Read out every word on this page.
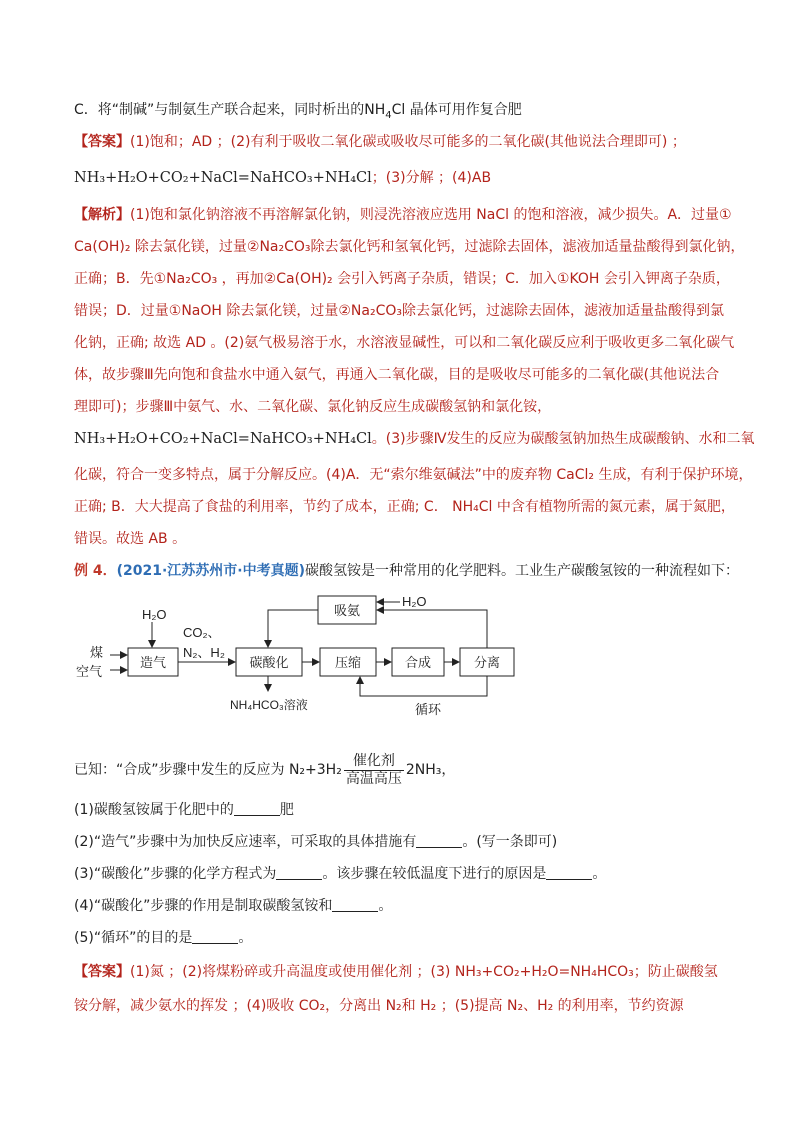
C．将“制碱”与制氨生产联合起来，同时析出的$NH_4Cl$ 晶体可用作复合肥
【答案】(1)饱和；AD ；(2)有利于吸收二氧化碳或吸收尽可能多的二氧化碳(其他说法合理即可) ；
NH₃+H₂O+CO₂+NaCl=NaHCO₃+NH₄Cl；(3)分解 ；(4)AB
【解析】(1)饱和氯化钠溶液不再溶解氯化钠，则浸洗溶液应选用 NaCl 的饱和溶液，减少损失。A．过量①
Ca(OH)₂ 除去氯化镁，过量②Na₂CO₃除去氯化钙和氢氧化钙，过滤除去固体，滤液加适量盐酸得到氯化钠，
正确；B．先①Na₂CO₃ ，再加②Ca(OH)₂ 会引入钙离子杂质，错误；C．加入①KOH 会引入钾离子杂质，
错误；D．过量①NaOH 除去氯化镁，过量②Na₂CO₃除去氯化钙，过滤除去固体，滤液加适量盐酸得到氯
化钠，正确; 故选 AD 。(2)氨气极易溶于水，水溶液显碱性，可以和二氧化碳反应利于吸收更多二氧化碳气
体，故步骤Ⅲ先向饱和食盐水中通入氨气，再通入二氧化碳，目的是吸收尽可能多的二氧化碳(其他说法合
理即可)；步骤Ⅲ中氨气、水、二氧化碳、氯化钠反应生成碳酸氢钠和氯化铵，
NH₃+H₂O+CO₂+NaCl=NaHCO₃+NH₄Cl。(3)步骤Ⅳ发生的反应为碳酸氢钠加热生成碳酸钠、水和二氧
化碳，符合一变多特点，属于分解反应。(4)A．无“索尔维氨碱法”中的废弃物 CaCl₂ 生成，有利于保护环境，
正确; B．大大提高了食盐的利用率，节约了成本，正确; C． NH₄Cl 中含有植物所需的氮元素，属于氮肥，
错误。故选 AB 。
例 4．(2021·江苏苏州市·中考真题)碳酸氢铵是一种常用的化学肥料。工业生产碳酸氢铵的一种流程如下：
H₂O
煤
空气
造气
CO₂、
N₂、H₂
碳酸化	压缩	合成	分离
吸氨
H₂O
NH₄HCO₃溶液	循环
已知：“合成”步骤中发生的反应为 $N_2+3H_2 \frac{\text{催化剂}}{\text{高温高压}} 2NH_3$，
(1)碳酸氢铵属于化肥中的	肥
(2)“造气”步骤中为加快反应速率，可采取的具体措施有	。(写一条即可)
(3)“碳酸化”步骤的化学方程式为	。该步骤在较低温度下进行的原因是	。
(4)“碳酸化”步骤的作用是制取碳酸氢铵和	。
(5)“循环”的目的是	。
【答案】(1)氮 ；(2)将煤粉碎或升高温度或使用催化剂 ；(3) NH₃+CO₂+H₂O=NH₄HCO₃；防止碳酸氢
铵分解，减少氨水的挥发 ；(4)吸收 CO₂，分离出 N₂和 H₂ ；(5)提高 N₂、H₂ 的利用率，节约资源
